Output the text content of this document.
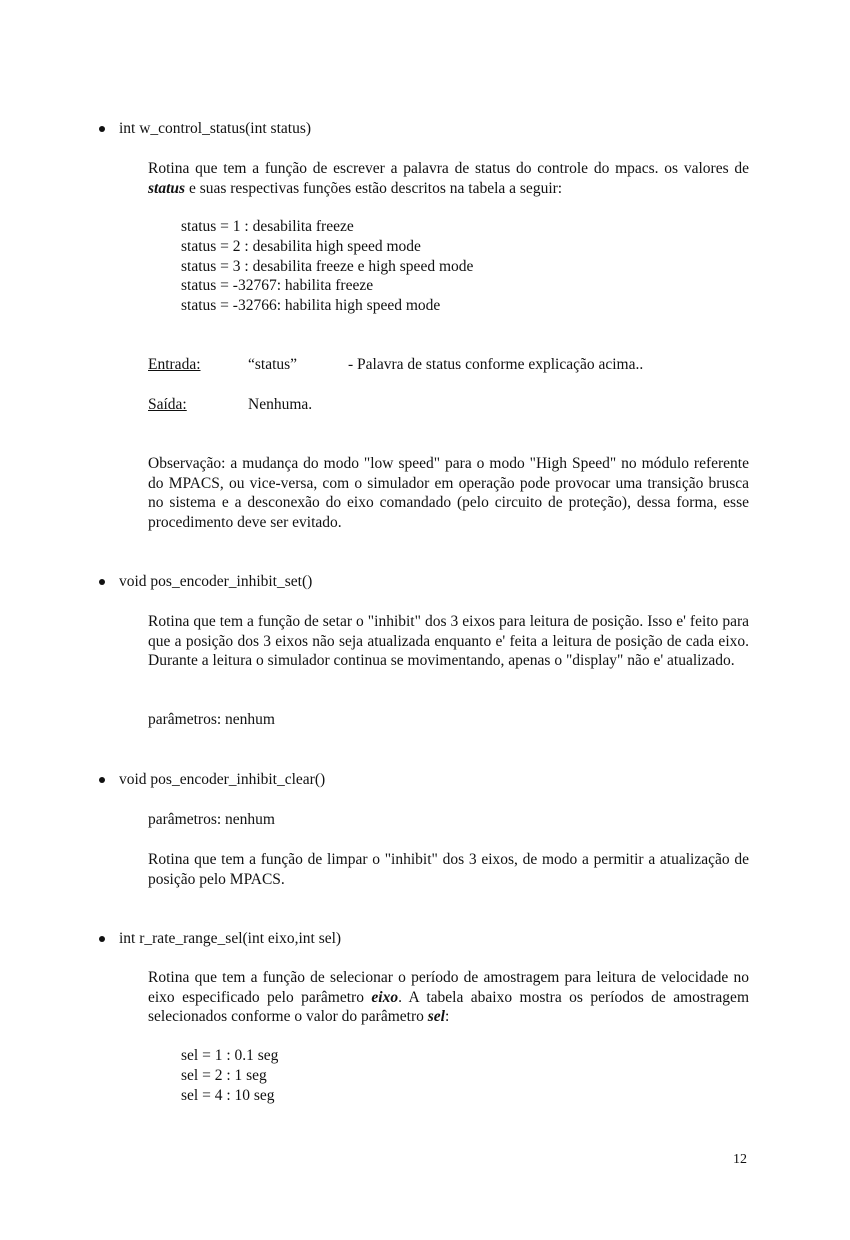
int w_control_status(int status)
Rotina que tem a função de escrever a palavra de status do controle do mpacs. os valores de status e suas respectivas funções estão descritos na tabela a seguir:
status = 1 : desabilita freeze
status = 2 : desabilita high speed mode
status = 3 : desabilita freeze e high speed mode
status = -32767: habilita freeze
status = -32766: habilita high speed mode
Entrada:	“status”	- Palavra de status conforme explicação acima..
Saída:	Nenhuma.
Observação: a mudança do modo "low speed" para o modo "High Speed" no módulo referente do MPACS, ou vice-versa, com o simulador em operação pode provocar uma transição brusca no sistema e a desconexão do eixo comandado (pelo circuito de proteção), dessa forma, esse procedimento deve ser evitado.
void pos_encoder_inhibit_set()
Rotina que tem a função de setar o "inhibit" dos 3 eixos para leitura de posição. Isso e' feito para que a posição dos 3 eixos não seja atualizada enquanto e' feita a leitura de posição de cada eixo. Durante a leitura o simulador continua se movimentando, apenas o "display" não e' atualizado.
parâmetros: nenhum
void pos_encoder_inhibit_clear()
parâmetros: nenhum
Rotina que tem a função de limpar o "inhibit" dos 3 eixos, de modo a permitir a atualização de posição pelo MPACS.
int r_rate_range_sel(int eixo,int sel)
Rotina que tem a função de selecionar o período de amostragem para leitura de velocidade no eixo especificado pelo parâmetro eixo. A tabela abaixo mostra os períodos de amostragem selecionados conforme o valor do parâmetro sel:
sel = 1 : 0.1 seg
sel = 2 : 1 seg
sel = 4 : 10 seg
12
